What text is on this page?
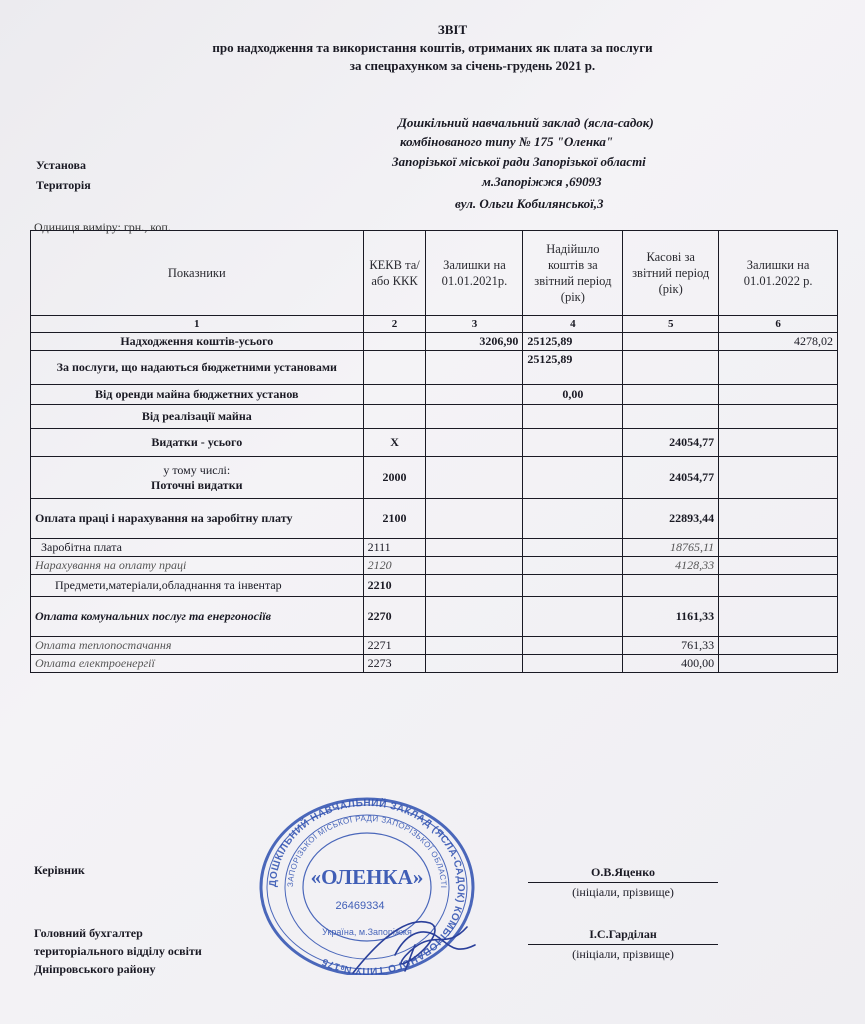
ЗВІТ
про надходження та використання коштів, отриманих як плата за послуги
за спецрахунком за січень-грудень 2021 р.
Дошкільний навчальний заклад (ясла-садок)
комбінованого типу № 175 "Оленка"
Запорізької міської ради Запорізької області
м.Запоріжжя ,69093
вул. Ольги Кобилянської,3
Установа
Територія
Одиниця виміру: грн., коп.
Показники	КЕКВ та/або ККК	Залишки на 01.01.2021р.	Надійшло коштів за звітний період (рік)	Касові за звітний період (рік)	Залишки на 01.01.2022 р.
1	2	3	4	5	6
Надходження коштів-усього		3206,90	25125,89		4278,02
За послуги, що надаються бюджетними установами			25125,89		
Від оренди майна бюджетних установ			0,00		
Від реалізації майна					
Видатки - усього	X			24054,77	

у тому числі:
Поточні видатки	2000			24054,77	
Оплата праці і нарахування на заробітну плату	2100			22893,44	
Заробітна плата	2111			18765,11	
Нарахування на оплату праці	2120			4128,33	
Предмети,матеріали,обладнання та інвентар	2210				
Оплата комунальних послуг та енергоносіїв	2270			1161,33	
Оплата теплопостачання	2271			761,33	
Оплата електроенергії	2273			400,00	
Керівник	О.В.Яценко
(ініціали, прізвище)
Головний бухгалтер
територіального відділу освіти
Дніпровського району
І.С.Гарділан
(ініціали, прізвище)
ДОШКІЛЬНИЙ НАВЧАЛЬНИЙ ЗАКЛАД (ЯСЛА-САДОК) КОМБІНОВАНОГО ТИПУ №175
ЗАПОРІЗЬКОЇ МІСЬКОЇ РАДИ ЗАПОРІЗЬКОЇ ОБЛАСТІ
«ОЛЕНКА»
26469334
Україна, м.Запоріжжя
